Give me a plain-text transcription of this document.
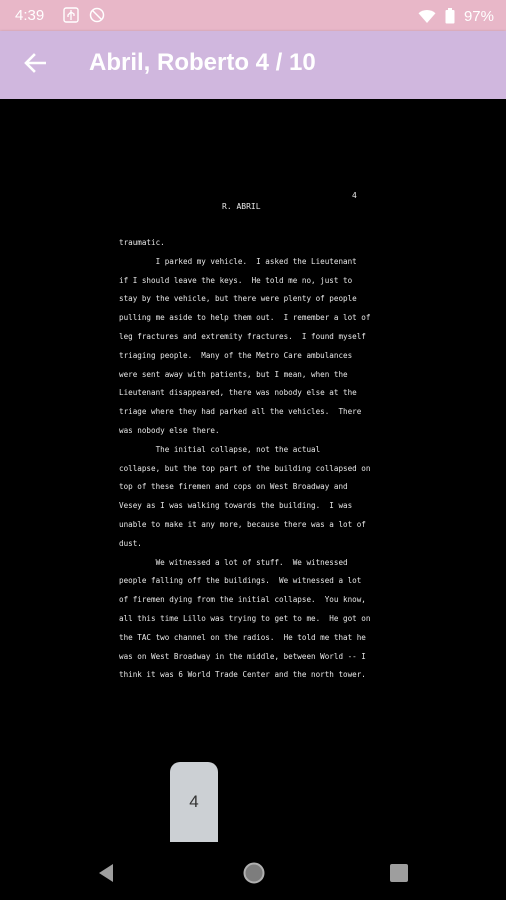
4:39	97%
Abril, Roberto 4 / 10
4
R. ABRIL
traumatic.
I parked my vehicle.  I asked the Lieutenant
if I should leave the keys.  He told me no, just to
stay by the vehicle, but there were plenty of people
pulling me aside to help them out.  I remember a lot of
leg fractures and extremity fractures.  I found myself
triaging people.  Many of the Metro Care ambulances
were sent away with patients, but I mean, when the
Lieutenant disappeared, there was nobody else at the
triage where they had parked all the vehicles.  There
was nobody else there.
The initial collapse, not the actual
collapse, but the top part of the building collapsed on
top of these firemen and cops on West Broadway and
Vesey as I was walking towards the building.  I was
unable to make it any more, because there was a lot of
dust.
We witnessed a lot of stuff.  We witnessed
people falling off the buildings.  We witnessed a lot
of firemen dying from the initial collapse.  You know,
all this time Lillo was trying to get to me.  He got on
the TAC two channel on the radios.  He told me that he
was on West Broadway in the middle, between World -- I
think it was 6 World Trade Center and the north tower.
4
